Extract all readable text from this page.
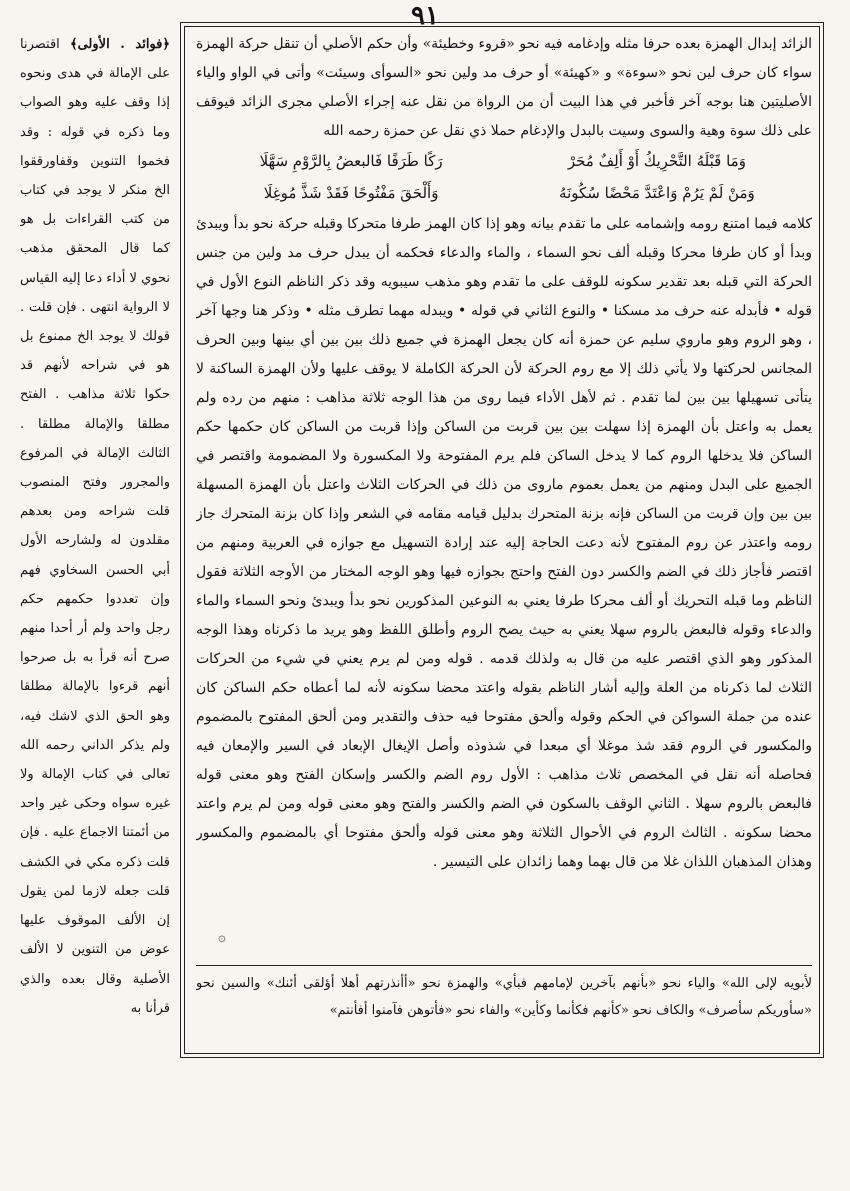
٩١

الزائد إبدال الهمزة بعده حرفا مثله وإدغامه فيه نحو «قروء وخطيئة» وأن حكم الأصلي أن تنقل حركة الهمزة سواء كان حرف لين نحو «سوءة» و «كهيئة» أو حرف مد ولين نحو «السوأى وسيئت» وأتى في الواو والياء الأصليتين هنا بوجه آخر فأخبر في هذا البيت أن من الرواة من نقل عنه إجراء الأصلي مجرى الزائد فيوقف على ذلك سوة وهية والسوى وسيت بالبدل والإدغام حملا ذي نقل عن حمزة رحمه الله

وَمَا قَبْلَهُ التَّحْرِيكُ أَوْ أَلِفٌ مُحَرْ
رَكًا طَرَفًا فَالبعضُ بِالرَّوْمِ سَهَّلَا
وَمَنْ لَمْ يَرُمْ وَاعْتَدَّ مَحْضًا سُكُونَهُ
وَأَلْحَقَ مَفْتُوحًا فَقَدْ شَذَّ مُوغِلَا

كلامه فيما امتنع رومه وإشمامه على ما تقدم بيانه وهو إذا كان الهمز طرفا متحركا وقبله حركة نحو بدأ ويبدئ وبدأ أو كان طرفا محركا وقبله ألف نحو السماء ، والماء والدعاء فحكمه أن يبدل حرف مد ولين من جنس الحركة التي قبله بعد تقدير سكونه للوقف على ما تقدم وهو مذهب سيبويه وقد ذكر الناظم النوع الأول في قوله • فأبدله عنه حرف مد مسكنا • والنوع الثاني في قوله • ويبدله مهما تطرف مثله • وذكر هنا وجها آخر ، وهو الروم وهو ماروي سليم عن حمزة أنه كان يجعل الهمزة في جميع ذلك بين بين أي بينها وبين الحرف المجانس لحركتها ولا يأتي ذلك إلا مع روم الحركة لأن الحركة الكاملة لا يوقف عليها ولأن الهمزة الساكنة لا يتأتى تسهيلها بين بين لما تقدم . ثم لأهل الأداء فيما روى من هذا الوجه ثلاثة مذاهب : منهم من رده ولم يعمل به واعتل بأن الهمزة إذا سهلت بين بين قربت من الساكن وإذا قربت من الساكن كان حكمها حكم الساكن فلا يدخلها الروم كما لا يدخل الساكن فلم يرم المفتوحة ولا المكسورة ولا المضمومة واقتصر في الجميع على البدل ومنهم من يعمل بعموم ماروى من ذلك في الحركات الثلاث واعتل بأن الهمزة المسهلة بين بين وإن قربت من الساكن فإنه بزنة المتحرك بدليل قيامه مقامه في الشعر وإذا كان بزنة المتحرك جاز رومه واعتذر عن روم المفتوح لأنه دعت الحاجة إليه عند إرادة التسهيل مع جوازه في العربية ومنهم من اقتصر فأجاز ذلك في الضم والكسر دون الفتح واحتج بجوازه فيها وهو الوجه المختار من الأوجه الثلاثة فقول الناظم وما قبله التحريك أو ألف محركا طرفا يعني به النوعين المذكورين نحو بدأ ويبدئ ونحو السماء والماء والدعاء وقوله فالبعض بالروم سهلا يعني به حيث يصح الروم وأطلق اللفظ وهو يريد ما ذكرناه وهذا الوجه المذكور وهو الذي اقتصر عليه من قال به ولذلك قدمه . قوله ومن لم يرم يعني في شيء من الحركات الثلاث لما ذكرناه من العلة وإليه أشار الناظم بقوله واعتد محضا سكونه لأنه لما أعطاه حكم الساكن كان عنده من جملة السواكن في الحكم وقوله وألحق مفتوحا فيه حذف والتقدير ومن ألحق المفتوح بالمضموم والمكسور في الروم فقد شذ موغلا أي مبعدا في شذوذه وأصل الإيغال الإبعاد في السير والإمعان فيه فحاصله أنه نقل في المخصص ثلاث مذاهب : الأول روم الضم والكسر وإسكان الفتح وهو معنى قوله فالبعض بالروم سهلا . الثاني الوقف بالسكون في الضم والكسر والفتح وهو معنى قوله ومن لم يرم واعتد محضا سكونه . الثالث الروم في الأحوال الثلاثة وهو معنى قوله وألحق مفتوحا أي بالمضموم والمكسور وهذان المذهبان اللذان غلا من قال بهما وهما زائدان على التيسير .

۞
لأبويه لإلى الله» والياء نحو «بأنهم بآخرين لإمامهم فبأي» والهمزة نحو «أأنذرتهم أهلا أؤلقى أئنك» والسين نحو «سأوريكم سأصرف» والكاف نحو «كأنهم فكأنما وكأين» والفاء نحو «فأتوهن فآمنوا أفأنتم»
﴿فوائد . الأولى﴾ اقتصرنا على الإمالة في هدى ونحوه إذا وقف عليه وهو الصواب وما ذكره في قوله : وقد فخموا التنوين وقفاورققوا الخ منكر لا يوجد في كتاب من كتب القراءات بل هو كما قال المحقق مذهب نحوي لا أداء دعا إليه القياس لا الرواية انتهى . فإن قلت . قولك لا يوجد الخ ممنوع بل هو في شراحه لأنهم قد حكوا ثلاثة مذاهب . الفتح مطلقا والإمالة مطلقا . الثالث الإمالة في المرفوع والمجرور وفتح المنصوب قلت شراحه ومن بعدهم مقلدون له ولشارحه الأول أبي الحسن السخاوي فهم وإن تعددوا حكمهم حكم رجل واحد ولم أر أحدا منهم صرح أنه قرأ به بل صرحوا أنهم قرءوا بالإمالة مطلقا وهو الحق الذي لاشك فيه، ولم يذكر الداني رحمه الله تعالى في كتاب الإمالة ولا غيره سواه وحكى غير واحد من أئمتنا الاجماع عليه . فإن قلت ذكره مكي في الكشف قلت جعله لازما لمن يقول إن الألف الموقوف عليها عوض من التنوين لا الألف الأصلية وقال بعده والذي قرأنا به
